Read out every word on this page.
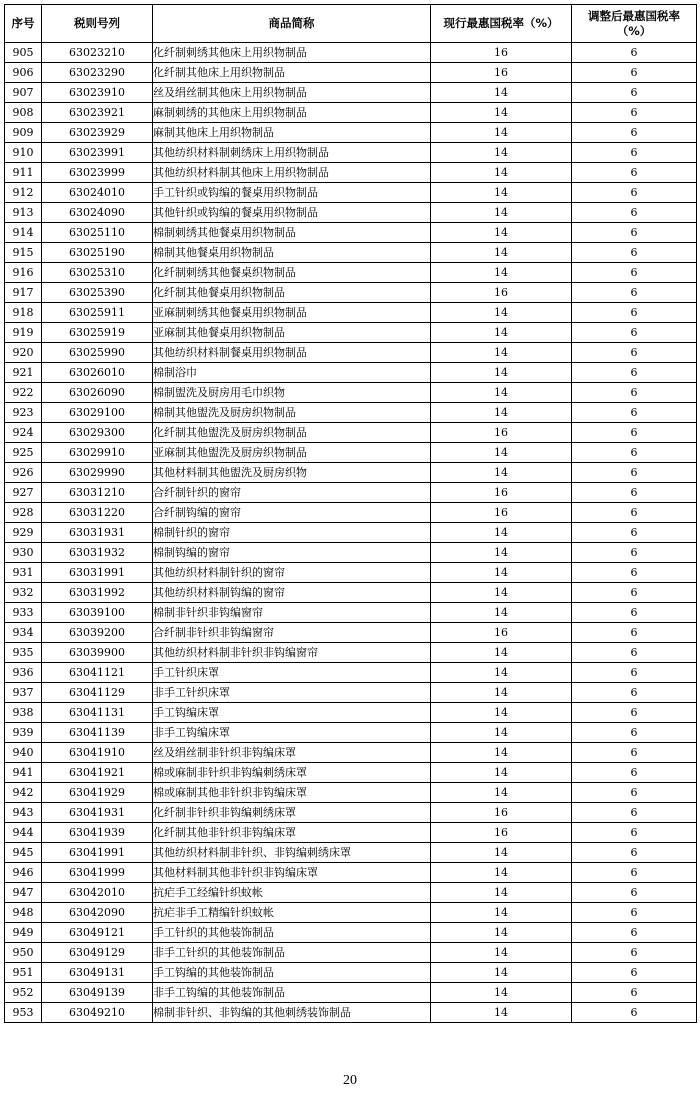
序号	税则号列	商品简称	现行最惠国税率（%）	调整后最惠国税率
（%）
905	63023210	化纤制刺绣其他床上用织物制品	16	6
906	63023290	化纤制其他床上用织物制品	16	6
907	63023910	丝及绢丝制其他床上用织物制品	14	6
908	63023921	麻制刺绣的其他床上用织物制品	14	6
909	63023929	麻制其他床上用织物制品	14	6
910	63023991	其他纺织材料制刺绣床上用织物制品	14	6
911	63023999	其他纺织材料制其他床上用织物制品	14	6
912	63024010	手工针织或钩编的餐桌用织物制品	14	6
913	63024090	其他针织或钩编的餐桌用织物制品	14	6
914	63025110	棉制刺绣其他餐桌用织物制品	14	6
915	63025190	棉制其他餐桌用织物制品	14	6
916	63025310	化纤制刺绣其他餐桌织物制品	14	6
917	63025390	化纤制其他餐桌用织物制品	16	6
918	63025911	亚麻制刺绣其他餐桌用织物制品	14	6
919	63025919	亚麻制其他餐桌用织物制品	14	6
920	63025990	其他纺织材料制餐桌用织物制品	14	6
921	63026010	棉制浴巾	14	6
922	63026090	棉制盥洗及厨房用毛巾织物	14	6
923	63029100	棉制其他盥洗及厨房织物制品	14	6
924	63029300	化纤制其他盥洗及厨房织物制品	16	6
925	63029910	亚麻制其他盥洗及厨房织物制品	14	6
926	63029990	其他材料制其他盥洗及厨房织物	14	6
927	63031210	合纤制针织的窗帘	16	6
928	63031220	合纤制钩编的窗帘	16	6
929	63031931	棉制针织的窗帘	14	6
930	63031932	棉制钩编的窗帘	14	6
931	63031991	其他纺织材料制针织的窗帘	14	6
932	63031992	其他纺织材料制钩编的窗帘	14	6
933	63039100	棉制非针织非钩编窗帘	14	6
934	63039200	合纤制非针织非钩编窗帘	16	6
935	63039900	其他纺织材料制非针织非钩编窗帘	14	6
936	63041121	手工针织床罩	14	6
937	63041129	非手工针织床罩	14	6
938	63041131	手工钩编床罩	14	6
939	63041139	非手工钩编床罩	14	6
940	63041910	丝及绢丝制非针织非钩编床罩	14	6
941	63041921	棉或麻制非针织非钩编刺绣床罩	14	6
942	63041929	棉或麻制其他非针织非钩编床罩	14	6
943	63041931	化纤制非针织非钩编刺绣床罩	16	6
944	63041939	化纤制其他非针织非钩编床罩	16	6
945	63041991	其他纺织材料制非针织、非钩编刺绣床罩	14	6
946	63041999	其他材料制其他非针织非钩编床罩	14	6
947	63042010	抗疟手工经编针织蚊帐	14	6
948	63042090	抗疟非手工精编针织蚊帐	14	6
949	63049121	手工针织的其他装饰制品	14	6
950	63049129	非手工针织的其他装饰制品	14	6
951	63049131	手工钩编的其他装饰制品	14	6
952	63049139	非手工钩编的其他装饰制品	14	6
953	63049210	棉制非针织、非钩编的其他刺绣装饰制品	14	6
20
